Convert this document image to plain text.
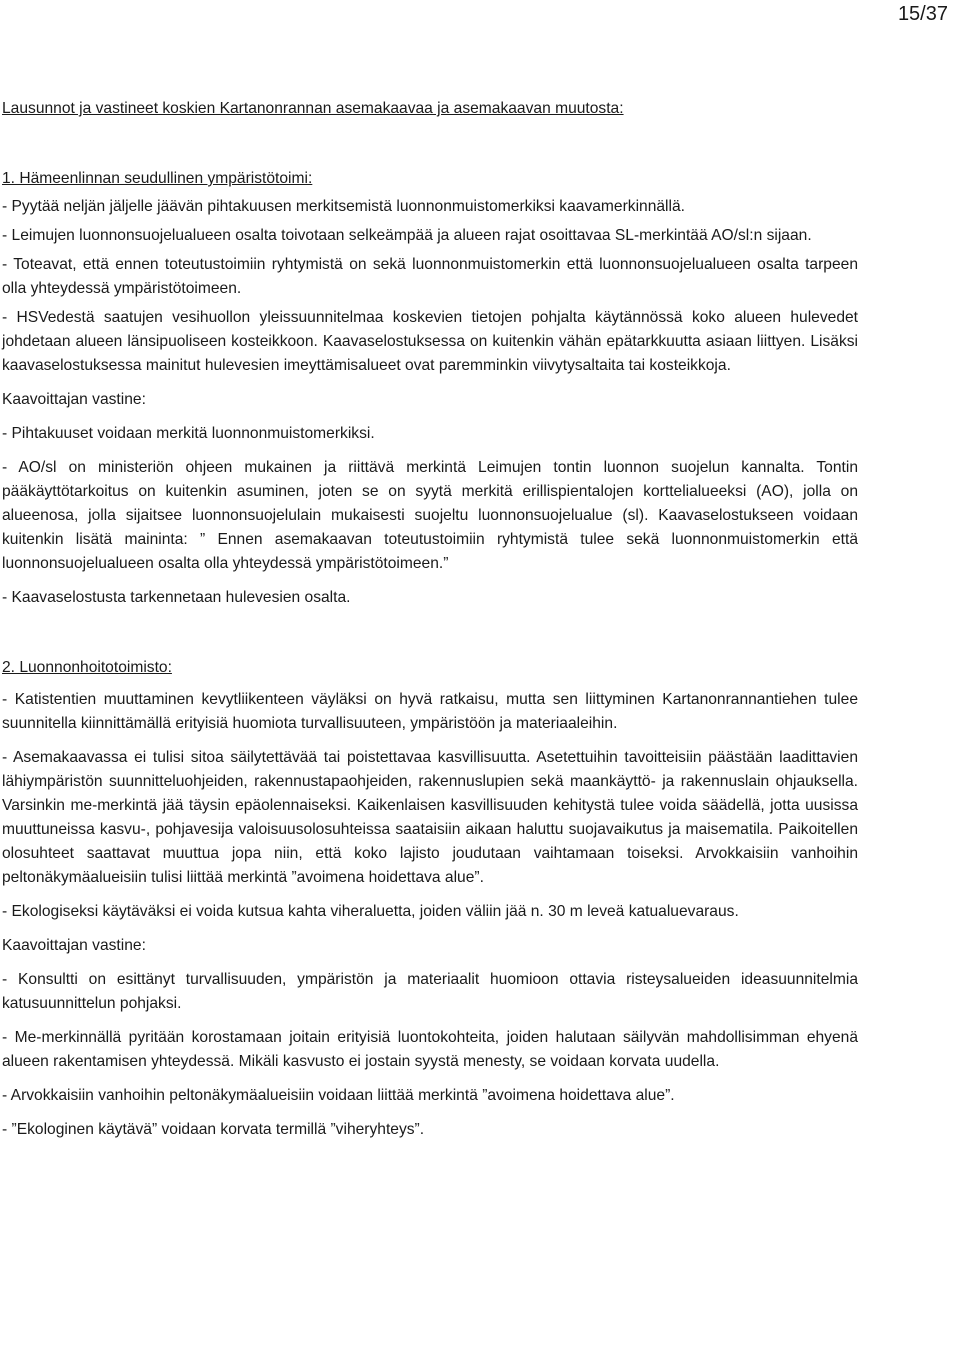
15/37

Lausunnot ja vastineet koskien Kartanonrannan asemakaavaa ja asemakaavan muutosta:

1. Hämeenlinnan seudullinen ympäristötoimi:

- Pyytää neljän jäljelle jäävän pihtakuusen merkitsemistä luonnonmuistomerkiksi kaavamerkinnällä.

- Leimujen luonnonsuojelualueen osalta toivotaan selkeämpää ja alueen rajat osoittavaa SL-merkintää AO/sl:n sijaan.

- Toteavat, että ennen toteutustoimiin ryhtymistä on sekä luonnonmuistomerkin että luonnonsuojelualueen osalta tarpeen olla yhteydessä ympäristötoimeen.

- HSVedestä saatujen vesihuollon yleissuunnitelmaa koskevien tietojen pohjalta käytännössä koko alueen hulevedet johdetaan alueen länsipuoliseen kosteikkoon. Kaavaselostuksessa on kuitenkin vähän epätarkkuutta asiaan liittyen. Lisäksi kaavaselostuksessa mainitut hulevesien imeyttämisalueet ovat paremminkin viivytysaltaita tai kosteikkoja.

Kaavoittajan vastine:

- Pihtakuuset voidaan merkitä luonnonmuistomerkiksi.

- AO/sl on ministeriön ohjeen mukainen ja riittävä merkintä Leimujen tontin luonnon suojelun kannalta. Tontin pääkäyttötarkoitus on kuitenkin asuminen, joten se on syytä merkitä erillispientalojen korttelialueeksi (AO), jolla on alueenosa, jolla sijaitsee luonnonsuojelulain mukaisesti suojeltu luonnonsuojelualue (sl). Kaavaselostukseen voidaan kuitenkin lisätä maininta: ” Ennen asemakaavan toteutustoimiin ryhtymistä tulee sekä luonnonmuistomerkin että luonnonsuojelualueen osalta olla yhteydessä ympäristötoimeen.”

- Kaavaselostusta tarkennetaan hulevesien osalta.

2. Luonnonhoitotoimisto:

- Katistentien muuttaminen kevytliikenteen väyläksi on hyvä ratkaisu, mutta sen liittyminen Kartanonrannantiehen tulee suunnitella kiinnittämällä erityisiä huomiota turvallisuuteen, ympäristöön ja materiaaleihin.

- Asemakaavassa ei tulisi sitoa säilytettävää tai poistettavaa kasvillisuutta. Asetettuihin tavoitteisiin päästään laadittavien lähiympäristön suunnitteluohjeiden, rakennustapaohjeiden, rakennuslupien sekä maankäyttö- ja rakennuslain ohjauksella. Varsinkin me-merkintä jää täysin epäolennaiseksi. Kaikenlaisen kasvillisuuden kehitystä tulee voida säädellä, jotta uusissa muuttuneissa kasvu-, pohjavesija valoisuusolosuhteissa saataisiin aikaan haluttu suojavaikutus ja maisematila. Paikoitellen olosuhteet saattavat muuttua jopa niin, että koko lajisto joudutaan vaihtamaan toiseksi. Arvokkaisiin vanhoihin peltonäkymäalueisiin tulisi liittää merkintä ”avoimena hoidettava alue”.

- Ekologiseksi käytäväksi ei voida kutsua kahta viheraluetta, joiden väliin jää n. 30 m leveä katualuevaraus.

Kaavoittajan vastine:

- Konsultti on esittänyt turvallisuuden, ympäristön ja materiaalit huomioon ottavia risteysalueiden ideasuunnitelmia katusuunnittelun pohjaksi.

- Me-merkinnällä pyritään korostamaan joitain erityisiä luontokohteita, joiden halutaan säilyvän mahdollisimman ehyenä alueen rakentamisen yhteydessä. Mikäli kasvusto ei jostain syystä menesty, se voidaan korvata uudella.

- Arvokkaisiin vanhoihin peltonäkymäalueisiin voidaan liittää merkintä ”avoimena hoidettava alue”.

- ”Ekologinen käytävä” voidaan korvata termillä ”viheryhteys”.
